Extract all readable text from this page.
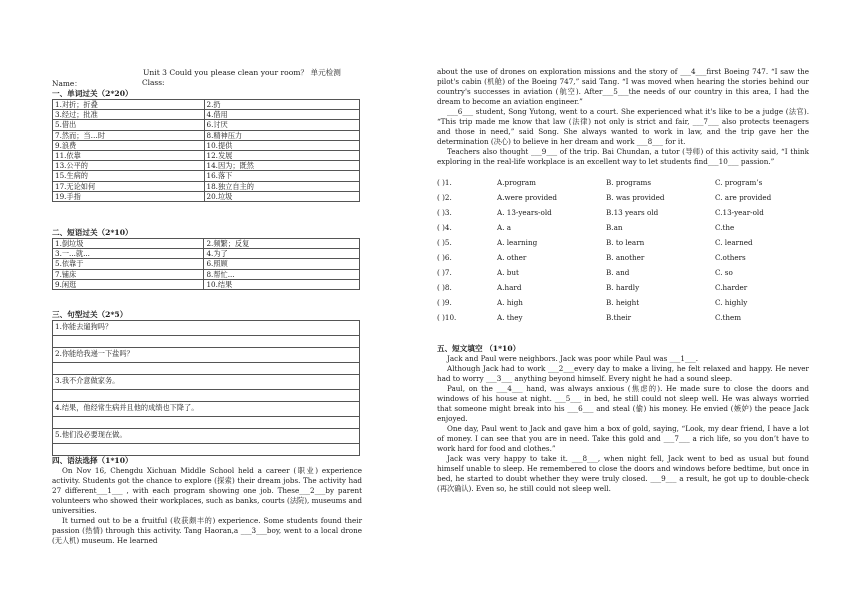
Unit 3 Could you please clean your room？ 单元检测
Name：	Class:
一、单词过关（2*20）
1.对折；折叠	2.扔
3.经过；批准	4.借用
5.借出	6.讨厌
7.然而；当…时	8.精神压力
9.浪费	10.提供
11.依靠	12.发展
13.公平的	14.因为；既然
15.生病的	16.落下
17.无论如何	18.独立自主的
19.手指	20.垃圾
二、短语过关（2*10）
1.倒垃圾	2.频繁；反复
3.一...就...	4.为了
5.依靠于	6.照顾
7.铺床	8.帮忙...
9.闲逛	10.结果
三、句型过关（2*5）
1.你能去遛狗吗？

2.你能给我递一下盐吗？

3.我不介意做家务。

4.结果，他经常生病并且他的成绩也下降了。

5.他们没必要现在做。

四、语法选择（1*10）

On Nov 16, Chengdu Xichuan Middle School held a career (职业) experience activity. Students got the chance to explore (探索) their dream jobs. The activity had 27 different___1___ , with each program showing one job. These___2___by parent volunteers who showed their workplaces, such as banks, courts (法院), museums and universities.

It turned out to be a fruitful (收获颇丰的) experience. Some students found their passion (热情) through this activity. Tang Haoran,a ___3___boy, went to a local drone (无人机) museum. He learned

about the use of drones on exploration missions and the story of ___4___first Boeing 747. “I saw the pilot's cabin (机舱) of the Boeing 747,” said Tang. “I was moved when hearing the stories behind our country's successes in aviation (航空). After___5___the needs of our country in this area, I had the dream to become an aviation engineer.”

___6___ student, Song Yutong, went to a court. She experienced what it's like to be a judge (法官). “This trip made me know that law (法律) not only is strict and fair, ___7___ also protects teenagers and those in need,” said Song. She always wanted to work in law, and the trip gave her the determination (决心) to believe in her dream and work ___8___ for it.

Teachers also thought ___9___ of the trip. Bai Chundan, a tutor (导师) of this activity said, “I think exploring in the real-life workplace is an excellent way to let students find___10___ passion.”

( )1.	A.program	B. programs	C. program’s
( )2.	A.were provided	B. was provided	C. are provided
( )3.	A. 13-years-old	B.13 years old	C.13-year-old
( )4.	A. a	B.an	C.the
( )5.	A. learning	B. to learn	C. learned
( )6.	A. other	B. another	C.others
( )7.	A. but	B. and	C. so
( )8.	A.hard	B. hardly	C.harder
( )9.	A. high	B. height	C. highly
( )10.	A. they	B.their	C.them
五、短文填空 （1*10）

Jack and Paul were neighbors. Jack was poor while Paul was ___1___.

Although Jack had to work ___2___every day to make a living, he felt relaxed and happy. He never had to worry ___3___ anything beyond himself. Every night he had a sound sleep.

Paul, on the ___4___ hand, was always anxious (焦虑的). He made sure to close the doors and windows of his house at night. ___5___ in bed, he still could not sleep well. He was always worried that someone might break into his ___6___ and steal (偷) his money. He envied (嫉妒) the peace Jack enjoyed.

One day, Paul went to Jack and gave him a box of gold, saying, “Look, my dear friend, I have a lot of money. I can see that you are in need. Take this gold and ___7___ a rich life, so you don’t have to work hard for food and clothes.”

Jack was very happy to take it. ___8___, when night fell, Jack went to bed as usual but found himself unable to sleep. He remembered to close the doors and windows before bedtime, but once in bed, he started to doubt whether they were truly closed. ___9___ a result, he got up to double-check (再次确认). Even so, he still could not sleep well.
